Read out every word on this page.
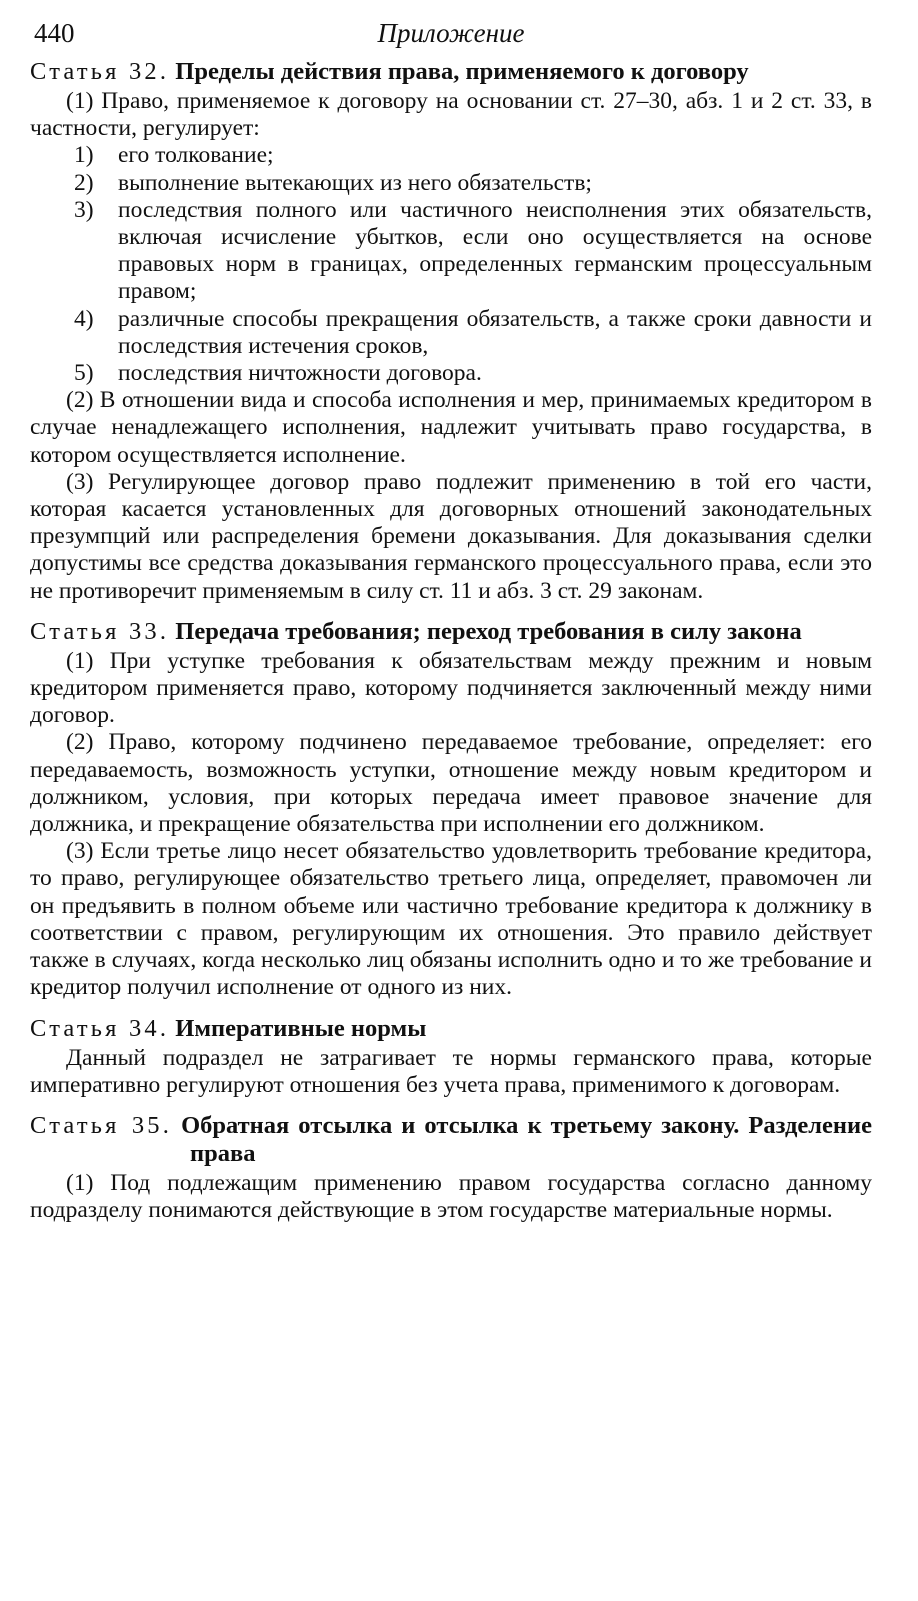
440	Приложение
Статья 32. Пределы действия права, применяемого к договору

(1) Право, применяемое к договору на основании ст. 27–30, абз. 1 и 2 ст. 33, в частности, регулирует:

1) его толкование;
2) выполнение вытекающих из него обязательств;
3) последствия полного или частичного неисполнения этих обязательств, включая исчисление убытков, если оно осуществляется на основе правовых норм в границах, определенных германским процессуальным правом;
4) различные способы прекращения обязательств, а также сроки давности и последствия истечения сроков,
5) последствия ничтожности договора.

(2) В отношении вида и способа исполнения и мер, принимаемых кредитором в случае ненадлежащего исполнения, надлежит учитывать право государства, в котором осуществляется исполнение.

(3) Регулирующее договор право подлежит применению в той его части, которая касается установленных для договорных отношений законодательных презумпций или распределения бремени доказывания. Для доказывания сделки допустимы все средства доказывания германского процессуального права, если это не противоречит применяемым в силу ст. 11 и абз. 3 ст. 29 законам.

Статья 33. Передача требования; переход требования в силу закона

(1) При уступке требования к обязательствам между прежним и новым кредитором применяется право, которому подчиняется заключенный между ними договор.

(2) Право, которому подчинено передаваемое требование, определяет: его передаваемость, возможность уступки, отношение между новым кредитором и должником, условия, при которых передача имеет правовое значение для должника, и прекращение обязательства при исполнении его должником.

(3) Если третье лицо несет обязательство удовлетворить требование кредитора, то право, регулирующее обязательство третьего лица, определяет, правомочен ли он предъявить в полном объеме или частично требование кредитора к должнику в соответствии с правом, регулирующим их отношения. Это правило действует также в случаях, когда несколько лиц обязаны исполнить одно и то же требование и кредитор получил исполнение от одного из них.

Статья 34. Императивные нормы

Данный подраздел не затрагивает те нормы германского права, которые императивно регулируют отношения без учета права, применимого к договорам.

Статья 35. Обратная отсылка и отсылка к третьему закону. Разделение права

(1) Под подлежащим применению правом государства согласно данному подразделу понимаются действующие в этом государстве материальные нормы.
